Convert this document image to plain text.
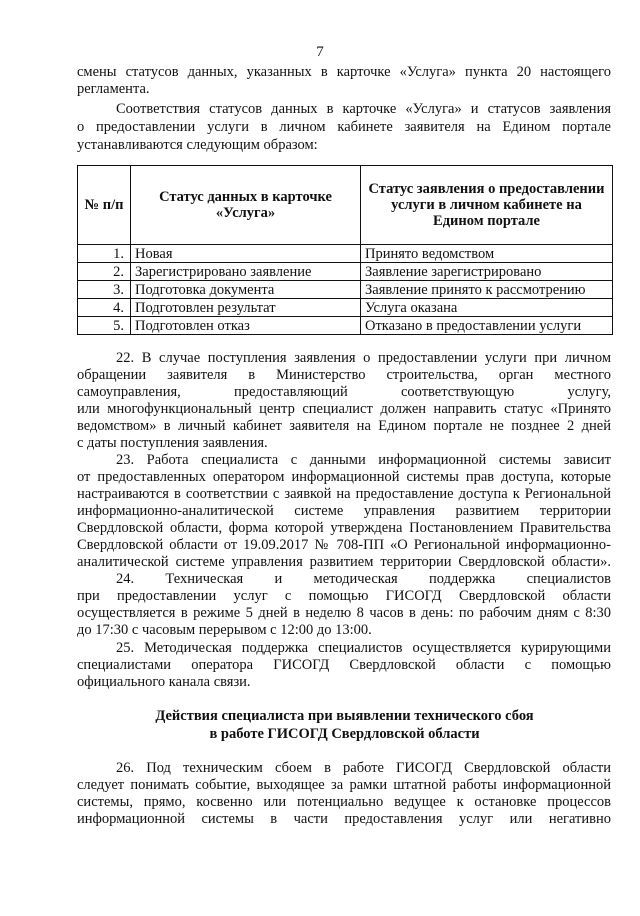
7
смены статусов данных, указанных в карточке «Услуга» пункта 20 настоящего
регламента.
Соответствия статусов данных в карточке «Услуга» и статусов заявления
о предоставлении услуги в личном кабинете заявителя на Едином портале
устанавливаются следующим образом:
№ п/п	Статус данных в карточке «Услуга»	Статус заявления о предоставлении услуги в личном кабинете на Едином портале
1.	Новая	Принято ведомством
2.	Зарегистрировано заявление	Заявление зарегистрировано
3.	Подготовка документа	Заявление принято к рассмотрению
4.	Подготовлен результат	Услуга оказана
5.	Подготовлен отказ	Отказано в предоставлении услуги
22. В случае поступления заявления о предоставлении услуги при личном
обращении заявителя в Министерство строительства, орган местного
самоуправления, предоставляющий соответствующую услугу,
или многофункциональный центр специалист должен направить статус «Принято
ведомством» в личный кабинет заявителя на Едином портале не позднее 2 дней
с даты поступления заявления.
23. Работа специалиста с данными информационной системы зависит
от предоставленных оператором информационной системы прав доступа, которые
настраиваются в соответствии с заявкой на предоставление доступа к Региональной
информационно-аналитической системе управления развитием территории
Свердловской области, форма которой утверждена Постановлением Правительства
Свердловской области от 19.09.2017 № 708-ПП «О Региональной информационно-
аналитической системе управления развитием территории Свердловской области».
24. Техническая и методическая поддержка специалистов
при предоставлении услуг с помощью ГИСОГД Свердловской области
осуществляется в режиме 5 дней в неделю 8 часов в день: по рабочим дням с 8:30
до 17:30 с часовым перерывом с 12:00 до 13:00.
25. Методическая поддержка специалистов осуществляется курирующими
специалистами оператора ГИСОГД Свердловской области с помощью
официального канала связи.
Действия специалиста при выявлении технического сбоя
в работе ГИСОГД Свердловской области
26. Под техническим сбоем в работе ГИСОГД Свердловской области
следует понимать событие, выходящее за рамки штатной работы информационной
системы, прямо, косвенно или потенциально ведущее к остановке процессов
информационной системы в части предоставления услуг или негативно
